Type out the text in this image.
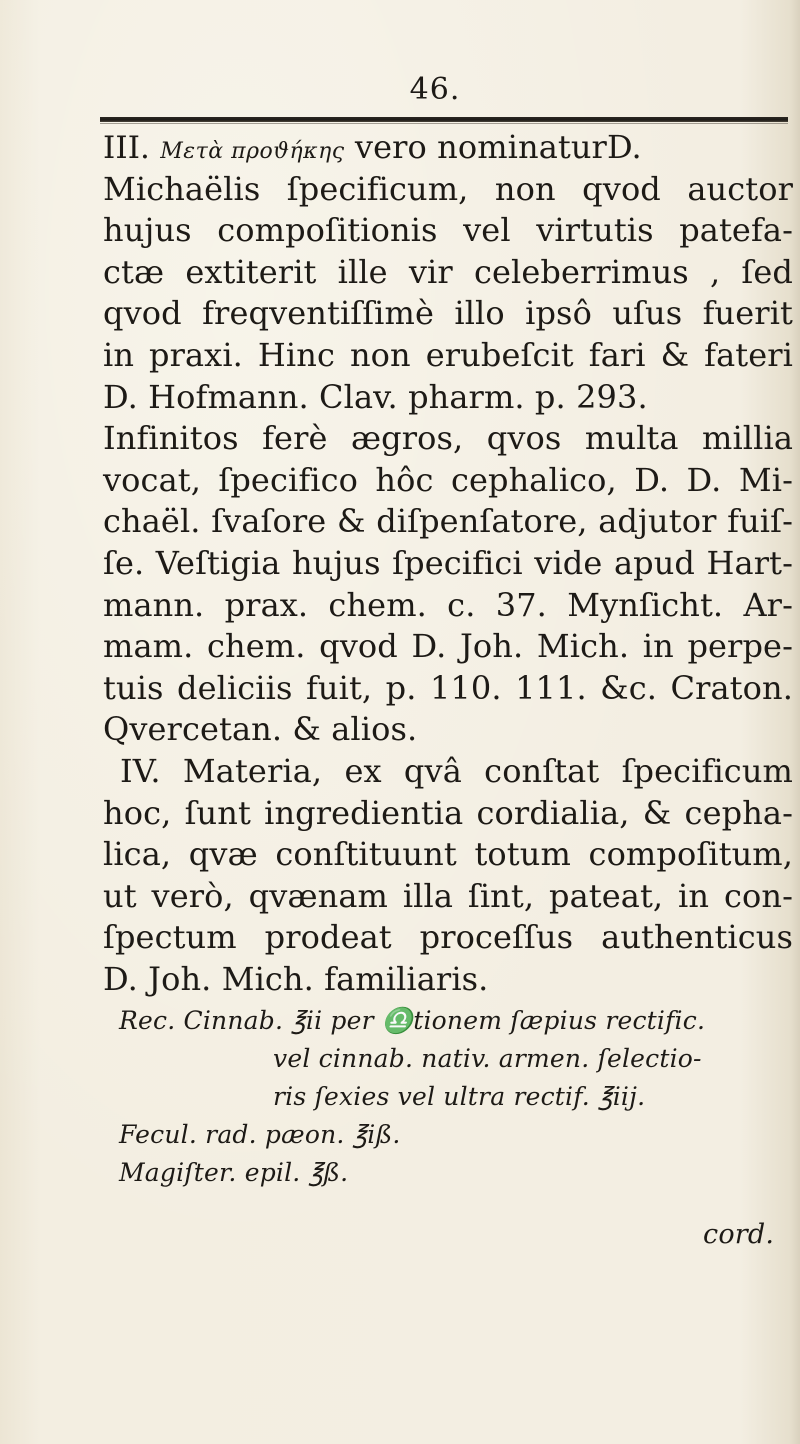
46.
III. Μετὰ προϑήκης vero nominaturD.
Michaëlis ſpecificum, non qvod auctor
hujus compoſitionis vel virtutis patefa-
ctæ extiterit ille vir celeberrimus , ſed
qvod freqventiſſimè illo ipsô uſus fuerit
in praxi. Hinc non erubeſcit fari & fateri
D. Hofmann. Clav. pharm. p. 293.
Infinitos ferè ægros, qvos multa millia
vocat, ſpecifico hôc cephalico, D. D. Mi-
chaël. ſvaſore & diſpenſatore, adjutor fuiſ-
ſe. Veſtigia hujus ſpecifici vide apud Hart-
mann. prax. chem. c. 37. Mynſicht. Ar-
mam. chem. qvod D. Joh. Mich. in perpe-
tuis deliciis fuit, p. 110. 111. &c. Craton.
Qvercetan. & alios.
IV. Materia, ex qvâ conſtat ſpecificum
hoc, ſunt ingredientia cordialia, & cepha-
lica, qvæ conſtituunt totum compoſitum,
ut verò, qvænam illa ſint, pateat, in con-
ſpectum prodeat proceſſus authenticus
D. Joh. Mich. familiaris.
Rec. Cinnab. ℥ii per ♎tionem ſæpius rectific.
vel cinnab. nativ. armen. ſelectio-
ris ſexies vel ultra rectif. ℥iij.
Fecul. rad. pæon. ℥iß.
Magiſter. epil. ℥ß.
cord.
